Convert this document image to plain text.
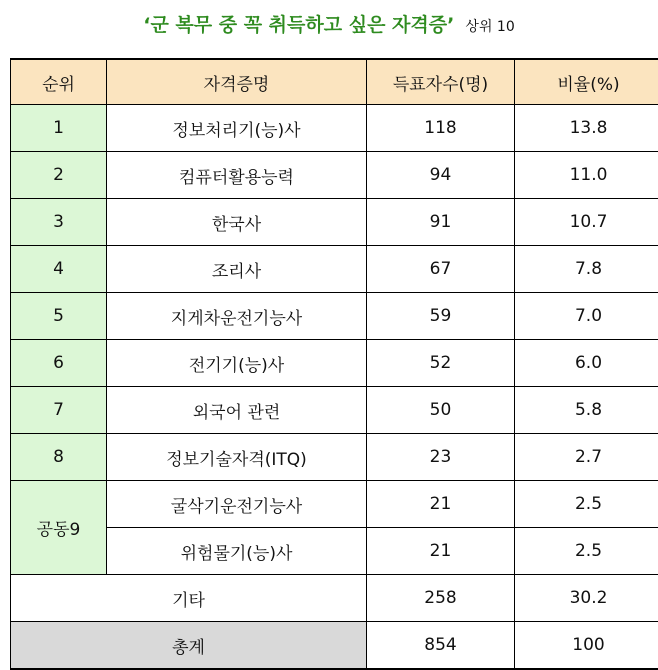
‘군 복무 중 꼭 취득하고 싶은 자격증’ 상위 10
순위	자격증명	득표자수(명)	비율(%)
1	정보처리기(능)사	118	13.8
2	컴퓨터활용능력	94	11.0
3	한국사	91	10.7
4	조리사	67	7.8
5	지게차운전기능사	59	7.0
6	전기기(능)사	52	6.0
7	외국어 관련	50	5.8
8	정보기술자격(ITQ)	23	2.7
공동9	굴삭기운전기능사	21	2.5
	위험물기(능)사	21	2.5
기타		258	30.2
총계		854	100
